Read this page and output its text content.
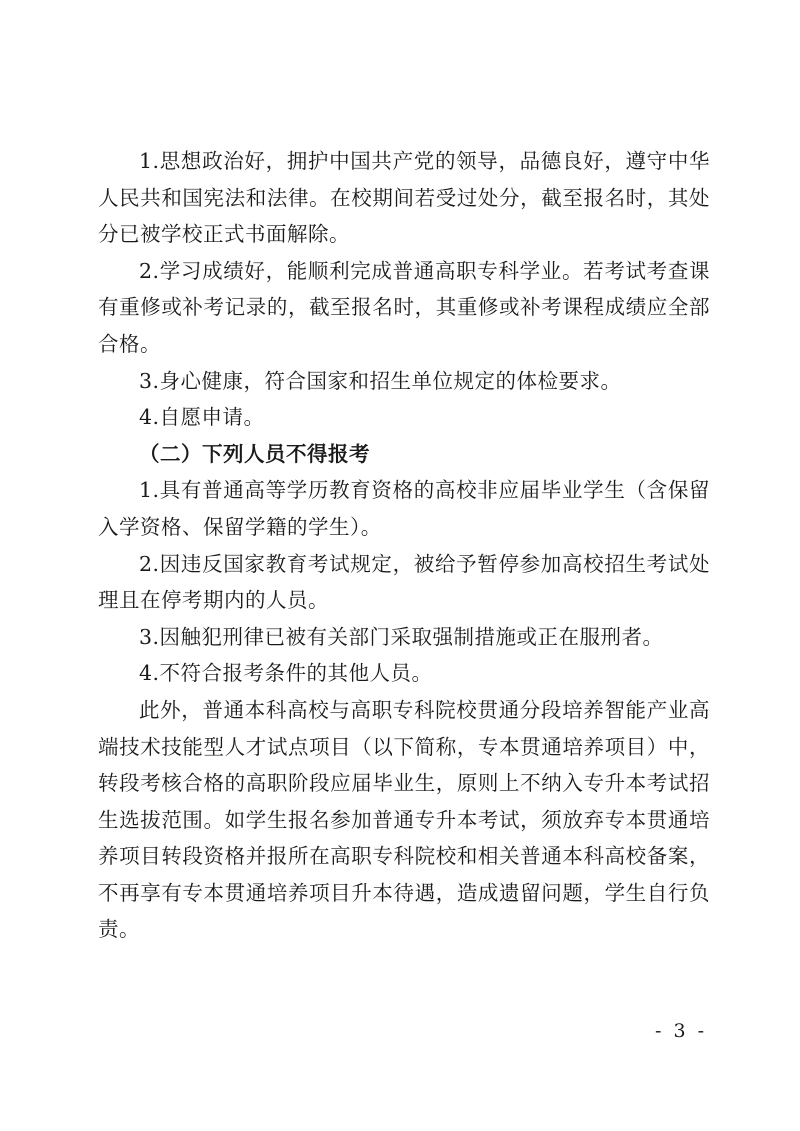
1.思想政治好，拥护中国共产党的领导，品德良好，遵守中华人民共和国宪法和法律。在校期间若受过处分，截至报名时，其处分已被学校正式书面解除。

2.学习成绩好，能顺利完成普通高职专科学业。若考试考查课有重修或补考记录的，截至报名时，其重修或补考课程成绩应全部合格。

3.身心健康，符合国家和招生单位规定的体检要求。

4.自愿申请。

（二）下列人员不得报考

1.具有普通高等学历教育资格的高校非应届毕业学生（含保留入学资格、保留学籍的学生）。

2.因违反国家教育考试规定，被给予暂停参加高校招生考试处理且在停考期内的人员。

3.因触犯刑律已被有关部门采取强制措施或正在服刑者。

4.不符合报考条件的其他人员。

此外，普通本科高校与高职专科院校贯通分段培养智能产业高端技术技能型人才试点项目（以下简称，专本贯通培养项目）中，转段考核合格的高职阶段应届毕业生，原则上不纳入专升本考试招生选拔范围。如学生报名参加普通专升本考试，须放弃专本贯通培养项目转段资格并报所在高职专科院校和相关普通本科高校备案，不再享有专本贯通培养项目升本待遇，造成遗留问题，学生自行负责。

- 3 -
